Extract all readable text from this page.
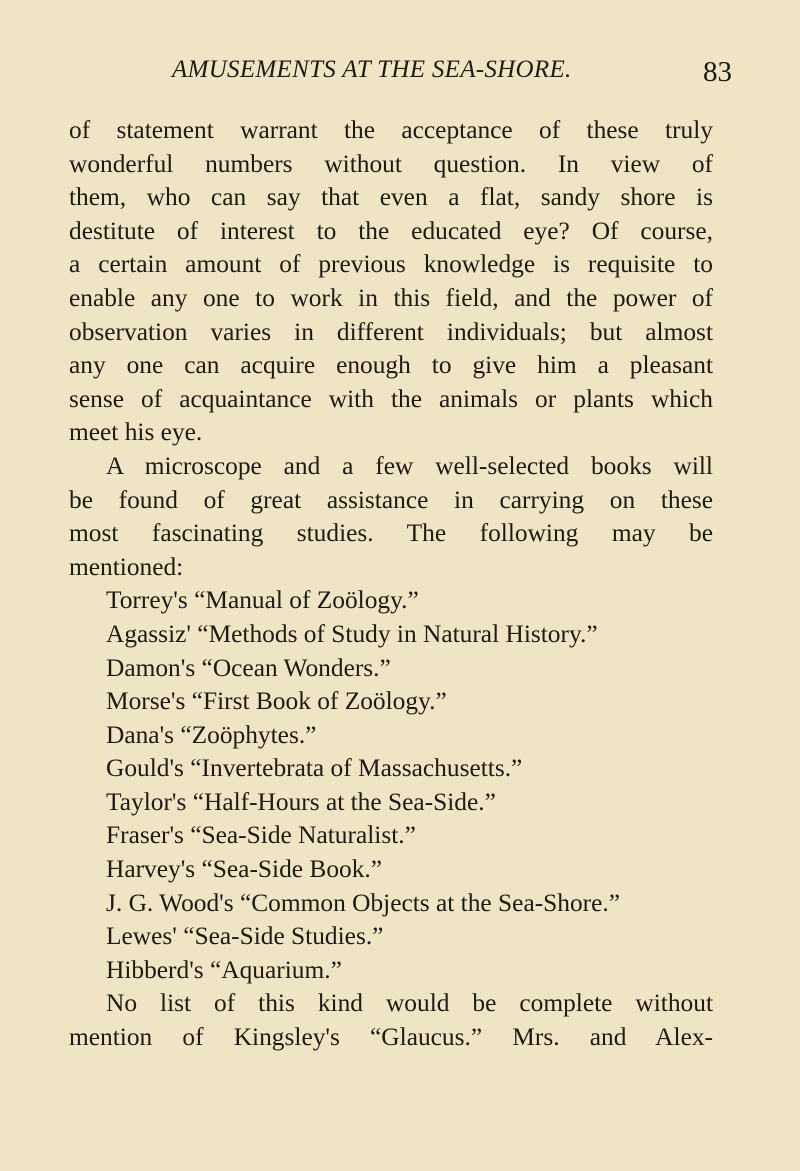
AMUSEMENTS AT THE SEA-SHORE.	83
of statement warrant the acceptance of these truly
wonderful numbers without question. In view of
them, who can say that even a flat, sandy shore is
destitute of interest to the educated eye? Of course,
a certain amount of previous knowledge is requisite to
enable any one to work in this field, and the power of
observation varies in different individuals; but almost
any one can acquire enough to give him a pleasant
sense of acquaintance with the animals or plants which
meet his eye.
A microscope and a few well-selected books will
be found of great assistance in carrying on these
most fascinating studies. The following may be
mentioned:
Torrey's “Manual of Zoölogy.”
Agassiz' “Methods of Study in Natural History.”
Damon's “Ocean Wonders.”
Morse's “First Book of Zoölogy.”
Dana's “Zoöphytes.”
Gould's “Invertebrata of Massachusetts.”
Taylor's “Half-Hours at the Sea-Side.”
Fraser's “Sea-Side Naturalist.”
Harvey's “Sea-Side Book.”
J. G. Wood's “Common Objects at the Sea-Shore.”
Lewes' “Sea-Side Studies.”
Hibberd's “Aquarium.”
No list of this kind would be complete without
mention of Kingsley's “Glaucus.” Mrs. and Alex-
